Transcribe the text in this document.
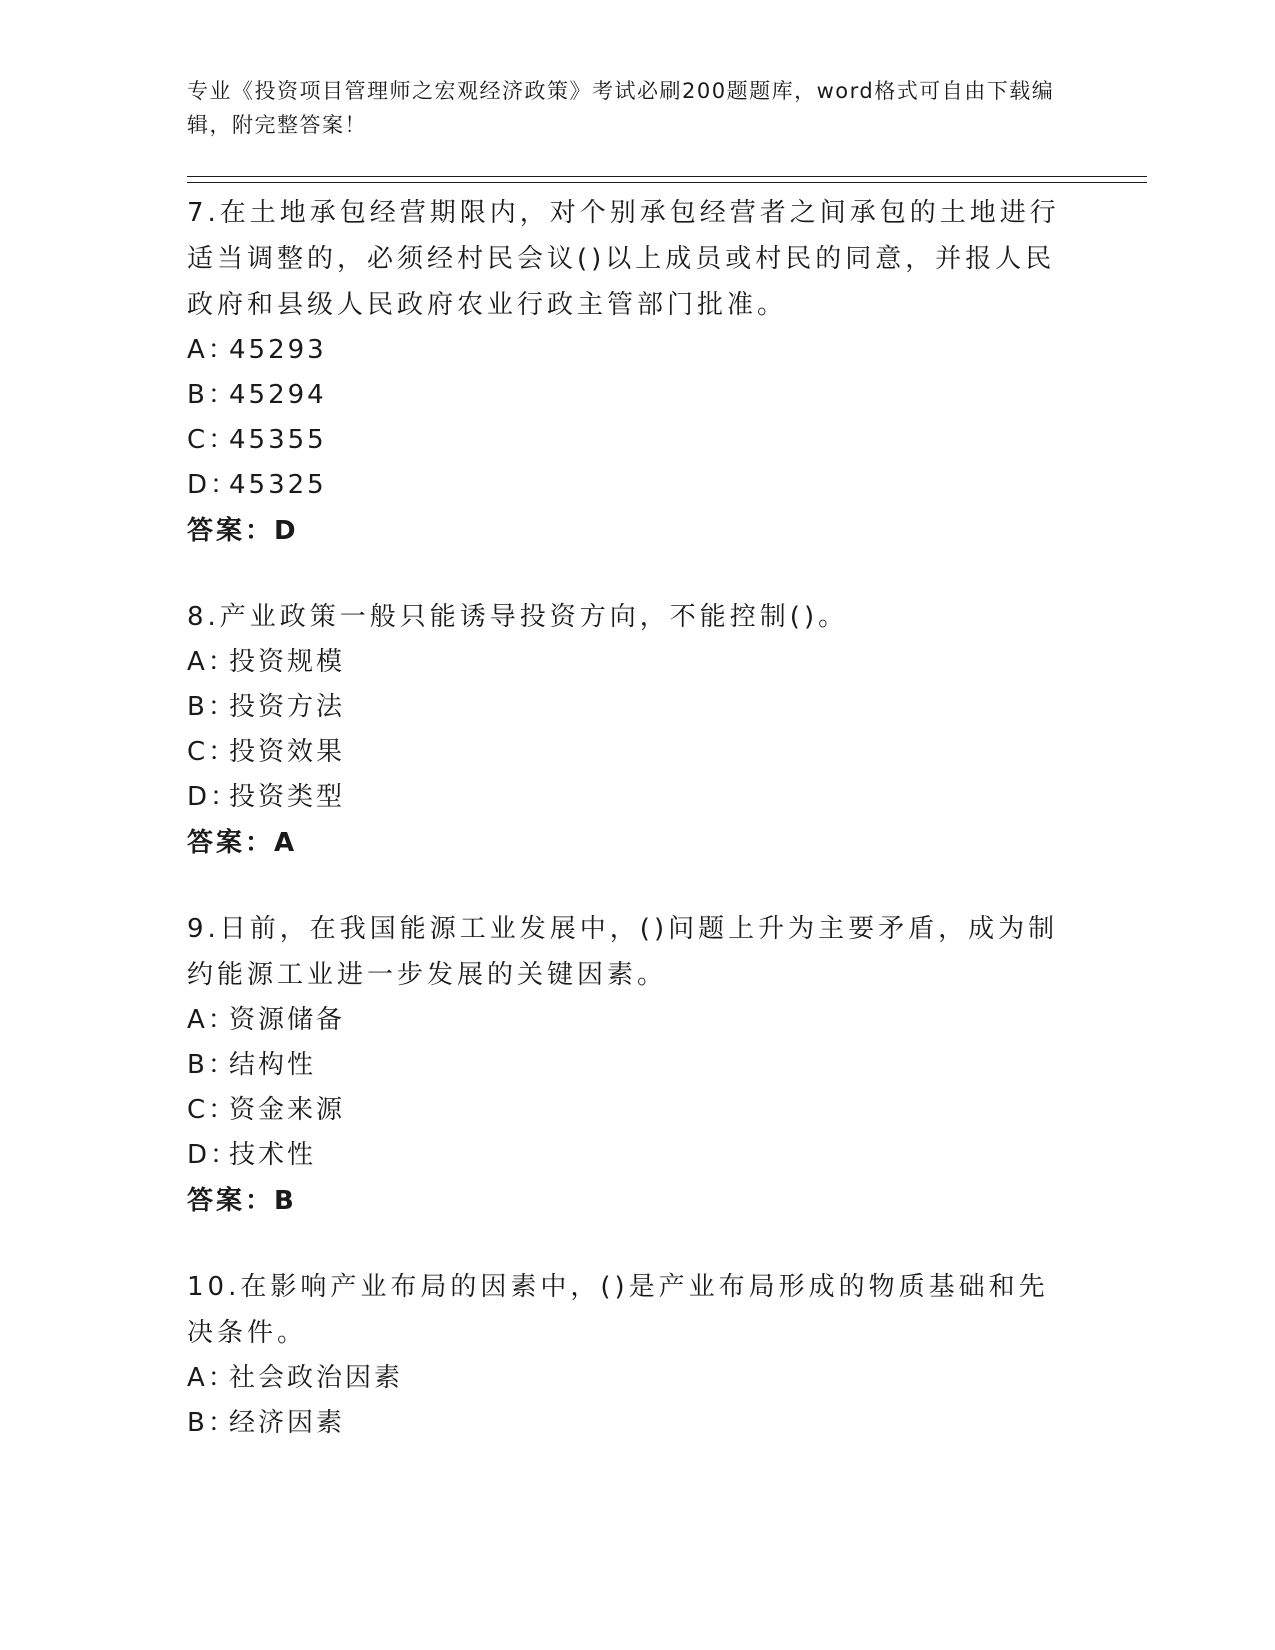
专业《投资项目管理师之宏观经济政策》考试必刷200题题库，word格式可自由下载编辑，附完整答案！

7.在土地承包经营期限内，对个别承包经营者之间承包的土地进行适当调整的，必须经村民会议()以上成员或村民的同意，并报人民政府和县级人民政府农业行政主管部门批准。

A：45293

B：45294

C：45355

D：45325

答案：D

8.产业政策一般只能诱导投资方向，不能控制()。

A：投资规模

B：投资方法

C：投资效果

D：投资类型

答案：A

9.日前，在我国能源工业发展中，()问题上升为主要矛盾，成为制约能源工业进一步发展的关键因素。

A：资源储备

B：结构性

C：资金来源

D：技术性

答案：B

10.在影响产业布局的因素中，()是产业布局形成的物质基础和先决条件。

A：社会政治因素

B：经济因素
